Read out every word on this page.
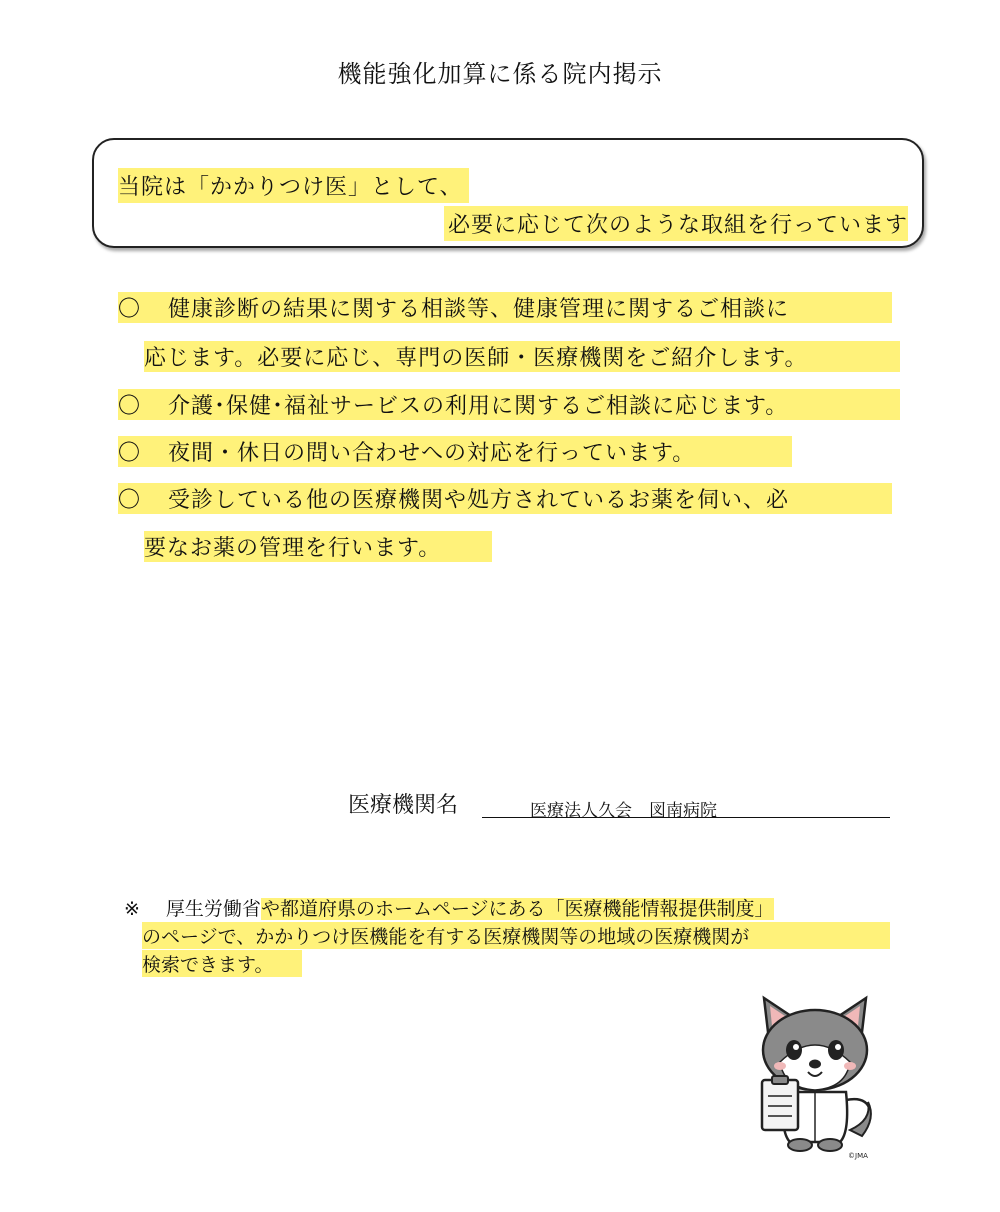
機能強化加算に係る院内掲示
当院は「かかりつけ医」として、
必要に応じて次のような取組を行っています
〇 健康診断の結果に関する相談等、健康管理に関するご相談に
応じます。必要に応じ、専門の医師・医療機関をご紹介します。
〇 介護･保健･福祉サービスの利用に関するご相談に応じます。
〇 夜間・休日の問い合わせへの対応を行っています。
〇 受診している他の医療機関や処方されているお薬を伺い、必
要なお薬の管理を行います。
医療機関名	医療法人久会　図南病院
※ 厚生労働省や都道府県のホームページにある「医療機能情報提供制度」
のページで、かかりつけ医機能を有する医療機関等の地域の医療機関が
検索できます。
©JMA
